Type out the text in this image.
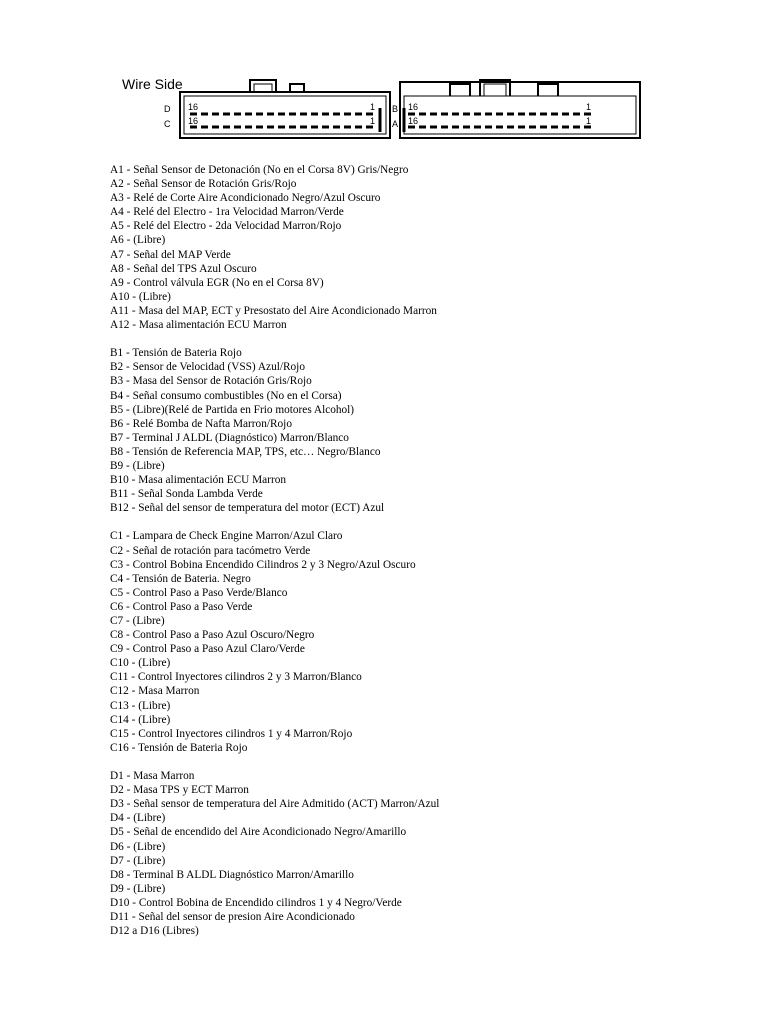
D
C
16	1
16	1
B
A
16	1
16	1
Wire Side
A1 - Señal Sensor de Detonación (No en el Corsa 8V) Gris/Negro
A2 - Señal Sensor de Rotación Gris/Rojo
A3 - Relé de Corte Aire Acondicionado Negro/Azul Oscuro
A4 - Relé del Electro - 1ra Velocidad Marron/Verde
A5 - Relé del Electro - 2da Velocidad Marron/Rojo
A6 - (Libre)
A7 - Señal del MAP Verde
A8 - Señal del TPS Azul Oscuro
A9 - Control válvula EGR (No en el Corsa 8V)
A10 - (Libre)
A11 - Masa del MAP, ECT y Presostato del Aire Acondicionado Marron
A12 - Masa alimentación ECU Marron
B1 - Tensión de Bateria Rojo
B2 - Sensor de Velocidad (VSS) Azul/Rojo
B3 - Masa del Sensor de Rotación Gris/Rojo
B4 - Señal consumo combustibles (No en el Corsa)
B5 - (Libre)(Relé de Partida en Frio motores Alcohol)
B6 - Relé Bomba de Nafta Marron/Rojo
B7 - Terminal J ALDL (Diagnóstico) Marron/Blanco
B8 - Tensión de Referencia MAP, TPS, etc… Negro/Blanco
B9 - (Libre)
B10 - Masa alimentación ECU Marron
B11 - Señal Sonda Lambda Verde
B12 - Señal del sensor de temperatura del motor (ECT) Azul
C1 - Lampara de Check Engine Marron/Azul Claro
C2 - Señal de rotación para tacómetro Verde
C3 - Control Bobina Encendido Cilindros 2 y 3 Negro/Azul Oscuro
C4 - Tensión de Bateria. Negro
C5 - Control Paso a Paso Verde/Blanco
C6 - Control Paso a Paso Verde
C7 - (Libre)
C8 - Control Paso a Paso Azul Oscuro/Negro
C9 - Control Paso a Paso Azul Claro/Verde
C10 - (Libre)
C11 - Control Inyectores cilindros 2 y 3 Marron/Blanco
C12 - Masa Marron
C13 - (Libre)
C14 - (Libre)
C15 - Control Inyectores cilindros 1 y 4 Marron/Rojo
C16 - Tensión de Bateria Rojo
D1 - Masa Marron
D2 - Masa TPS y ECT Marron
D3 - Señal sensor de temperatura del Aire Admitido (ACT) Marron/Azul
D4 - (Libre)
D5 - Señal de encendido del Aire Acondicionado Negro/Amarillo
D6 - (Libre)
D7 - (Libre)
D8 - Terminal B ALDL Diagnóstico Marron/Amarillo
D9 - (Libre)
D10 - Control Bobina de Encendido cilindros 1 y 4 Negro/Verde
D11 - Señal del sensor de presion Aire Acondicionado
D12 a D16 (Libres)
